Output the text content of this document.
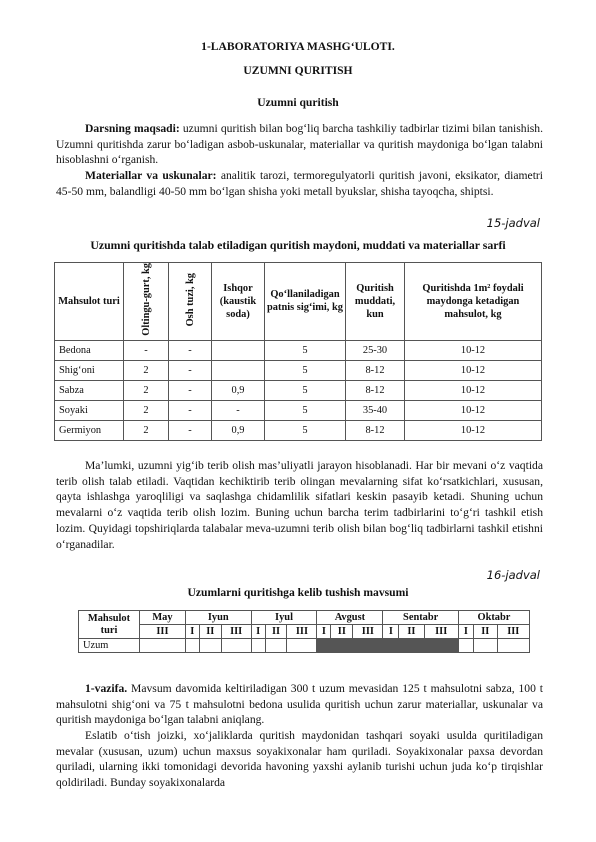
1-LABORATORIYA MASHG‘ULOTI.
UZUMNI QURITISH
Uzumni quritish
Darsning maqsadi: uzumni quritish bilan bog‘liq barcha tashkiliy tadbirlar tizimi bilan tanishish. Uzumni quritishda zarur bo‘ladigan asbob-uskunalar, materiallar va quritish maydoniga bo‘lgan talabni hisoblashni o‘rganish.
Materiallar va uskunalar: analitik tarozi, termoregulyatorli quritish javoni, eksikator, diametri 45-50 mm, balandligi 40-50 mm bo‘lgan shisha yoki metall byukslar, shisha tayoqcha, shiptsi.
15-jadval
Uzumni quritishda talab etiladigan quritish maydoni, muddati va materiallar sarfi
Mahsulot turi	Oltingu-gurt, kg	Osh tuzi, kg	Ishqor (kaustik soda)	Qo‘llaniladigan patnis sig‘imi, kg	Quritish muddati, kun	Quritishda 1m² foydali maydonga ketadigan mahsulot, kg
Bedona	-	-		5	25-30	10-12
Shig‘oni	2	-		5	8-12	10-12
Sabza	2	-	0,9	5	8-12	10-12
Soyaki	2	-	-	5	35-40	10-12
Germiyon	2	-	0,9	5	8-12	10-12
Ma’lumki, uzumni yig‘ib terib olish mas’uliyatli jarayon hisoblanadi. Har bir mevani o‘z vaqtida terib olish talab etiladi. Vaqtidan kechiktirib terib olingan mevalarning sifat ko‘rsatkichlari, xususan, qayta ishlashga yaroqliligi va saqlashga chidamlilik sifatlari keskin pasayib ketadi. Shuning uchun mevalarni o‘z vaqtida terib olish lozim. Buning uchun barcha terim tadbirlarini to‘g‘ri tashkil etish lozim. Quyidagi topshiriqlarda talabalar meva-uzumni terib olish bilan bog‘liq tadbirlarni tashkil etishni o‘rganadilar.
16-jadval
Uzumlarni quritishga kelib tushish mavsumi
Mahsulot turi	May	Iyun			Iyul			Avgust			Sentabr			Oktabr		
	III	I	II	III	I	II	III	I	II	III	I	II	III	I	II	III
Uzum																
1-vazifa. Mavsum davomida keltiriladigan 300 t uzum mevasidan 125 t mahsulotni sabza, 100 t mahsulotni shig‘oni va 75 t mahsulotni bedona usulida quritish uchun zarur materiallar, uskunalar va quritish maydoniga bo‘lgan talabni aniqlang.
Eslatib o‘tish joizki, xo‘jaliklarda quritish maydonidan tashqari soyaki usulda quritiladigan mevalar (xususan, uzum) uchun maxsus soyakixonalar ham quriladi. Soyakixonalar paxsa devordan quriladi, ularning ikki tomonidagi devorida havoning yaxshi aylanib turishi uchun juda ko‘p tirqishlar qoldiriladi. Bunday soyakixonalarda
